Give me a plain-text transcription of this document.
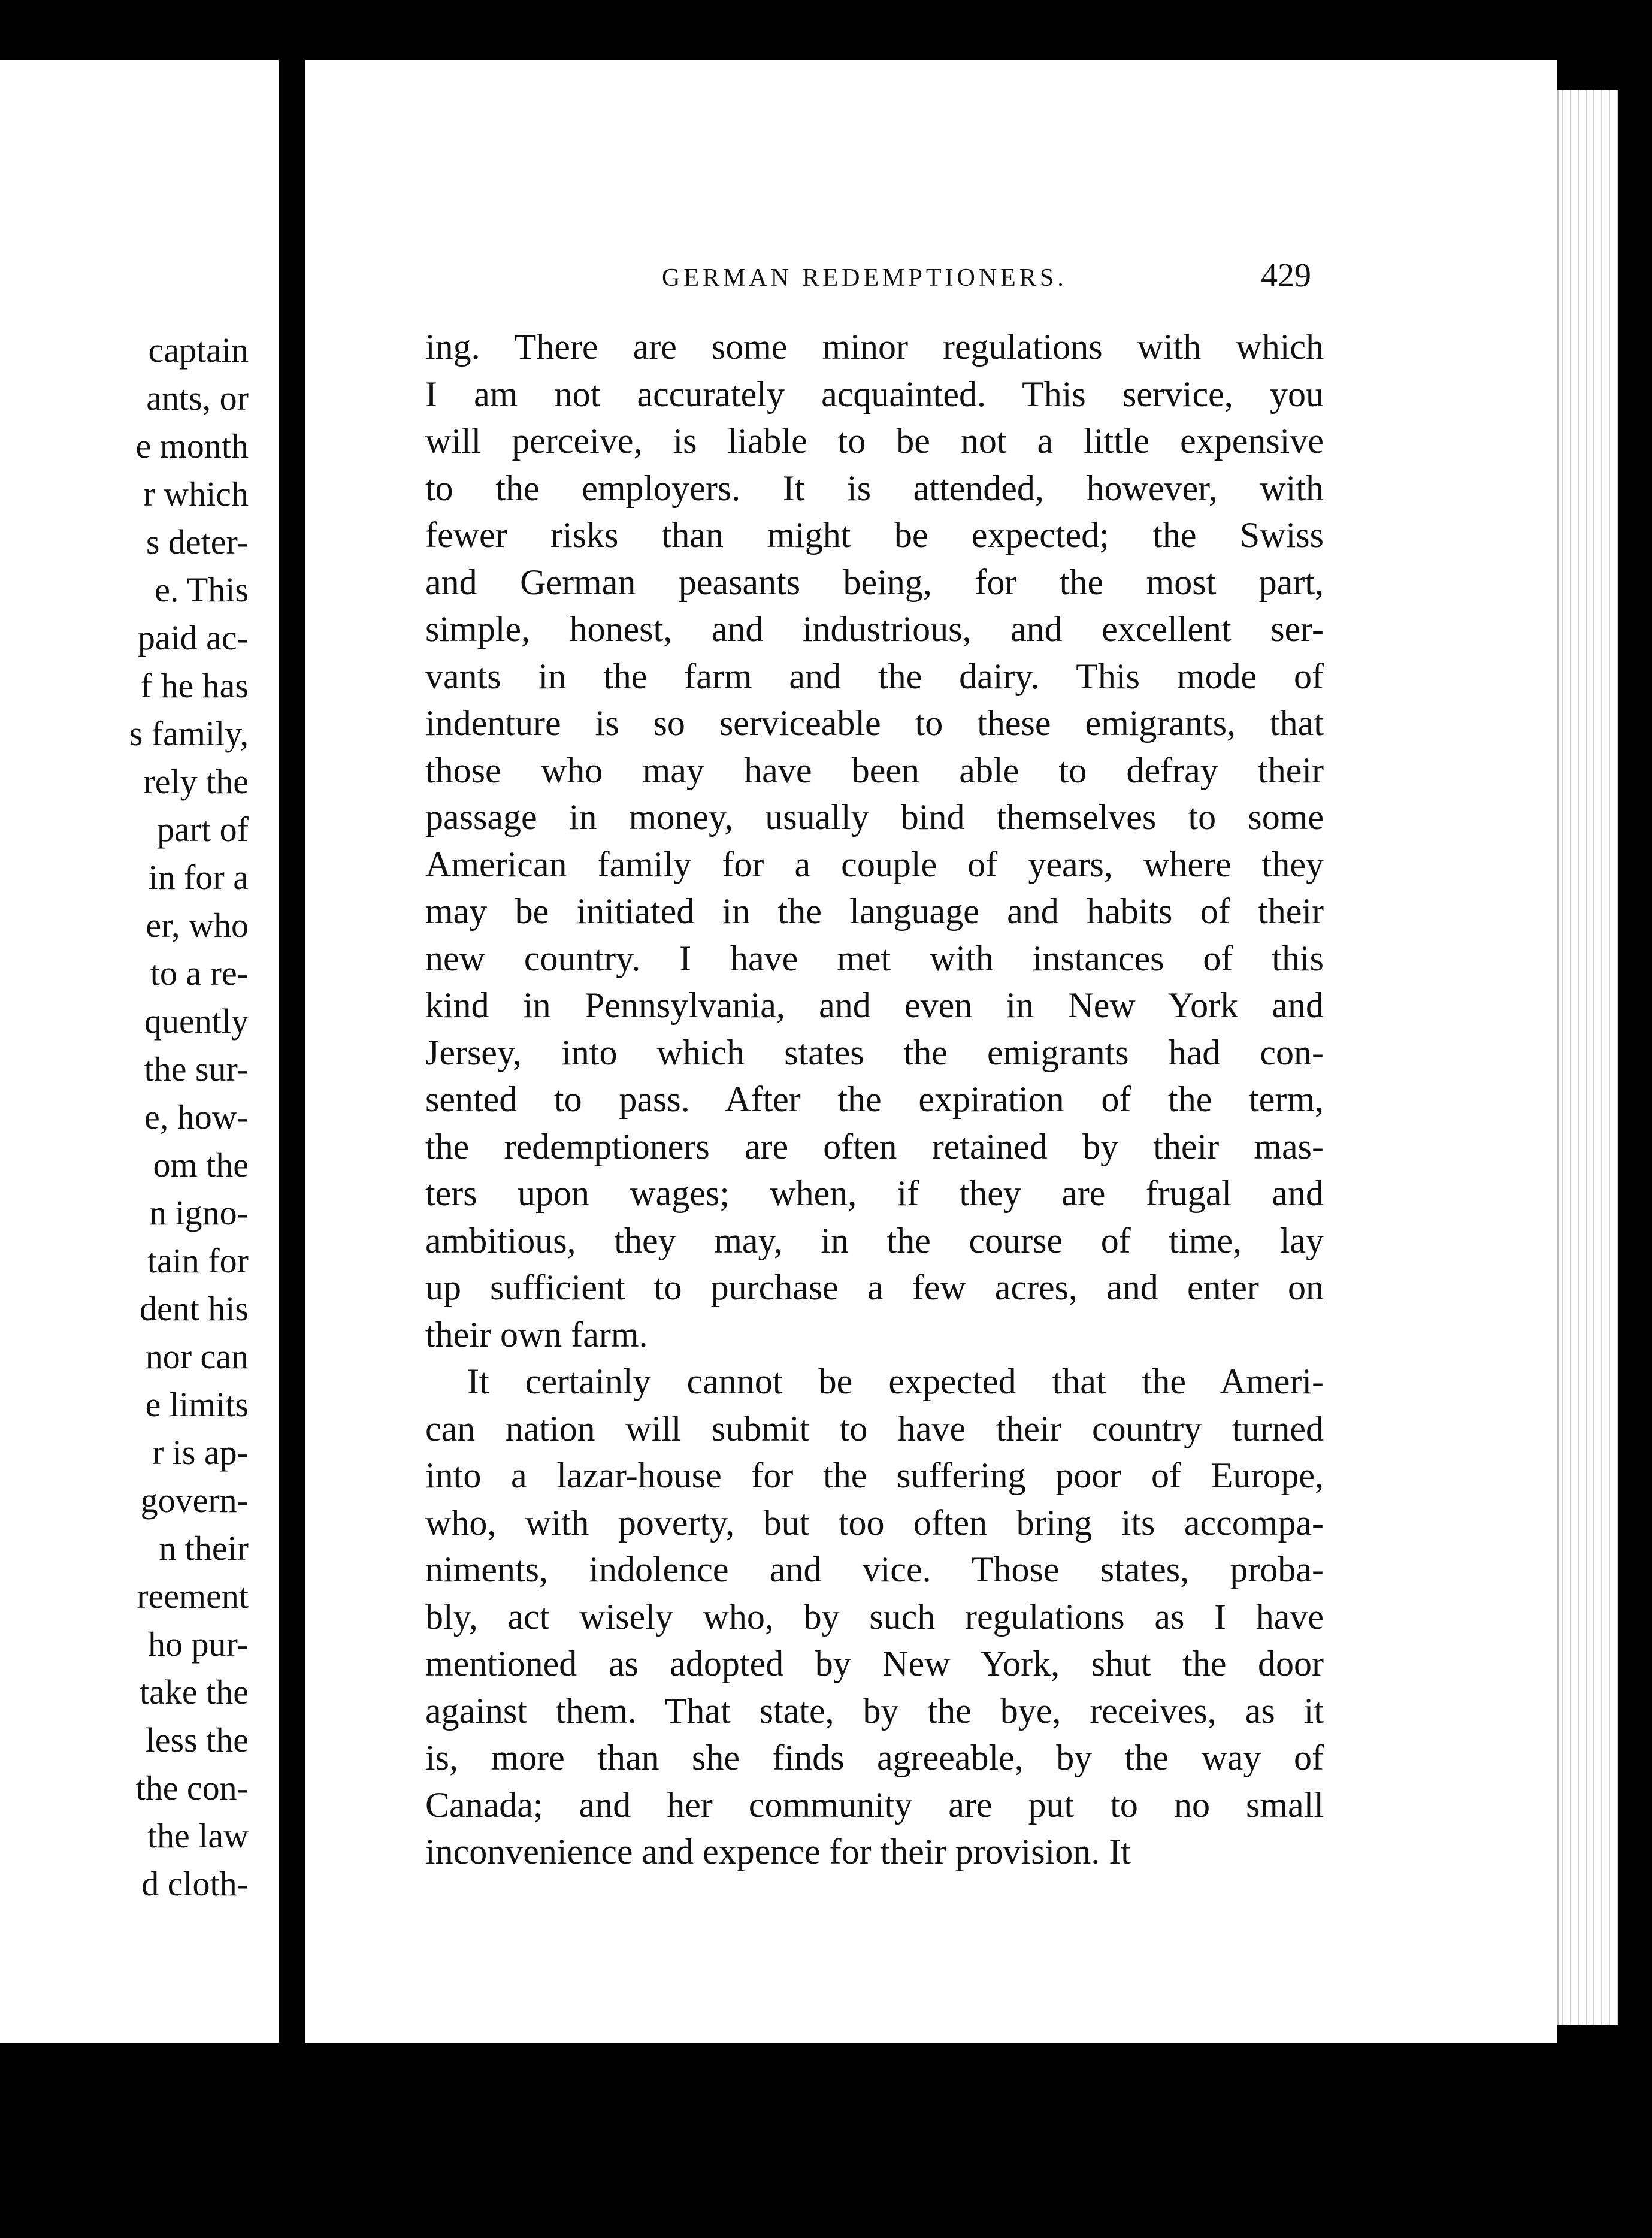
captain
ants, or
e month
r which
s deter-
e. This
paid ac-
f he has
s family,
rely the
part of
in for a
er, who
to a re-
quently
the sur-
e, how-
om the
n igno-
tain for
dent his
nor can
e limits
r is ap-
govern-
n their
reement
ho pur-
take the
less the
the con-
the law
d cloth-
GERMAN REDEMPTIONERS.	429
ing. There are some minor regulations with which
I am not accurately acquainted. This service, you
will perceive, is liable to be not a little expensive
to the employers. It is attended, however, with
fewer risks than might be expected; the Swiss
and German peasants being, for the most part,
simple, honest, and industrious, and excellent ser-
vants in the farm and the dairy. This mode of
indenture is so serviceable to these emigrants, that
those who may have been able to defray their
passage in money, usually bind themselves to some
American family for a couple of years, where they
may be initiated in the language and habits of their
new country. I have met with instances of this
kind in Pennsylvania, and even in New York and
Jersey, into which states the emigrants had con-
sented to pass. After the expiration of the term,
the redemptioners are often retained by their mas-
ters upon wages; when, if they are frugal and
ambitious, they may, in the course of time, lay
up sufficient to purchase a few acres, and enter on
their own farm.
It certainly cannot be expected that the Ameri-
can nation will submit to have their country turned
into a lazar-house for the suffering poor of Europe,
who, with poverty, but too often bring its accompa-
niments, indolence and vice. Those states, proba-
bly, act wisely who, by such regulations as I have
mentioned as adopted by New York, shut the door
against them. That state, by the bye, receives, as it
is, more than she finds agreeable, by the way of
Canada; and her community are put to no small
inconvenience and expence for their provision. It
